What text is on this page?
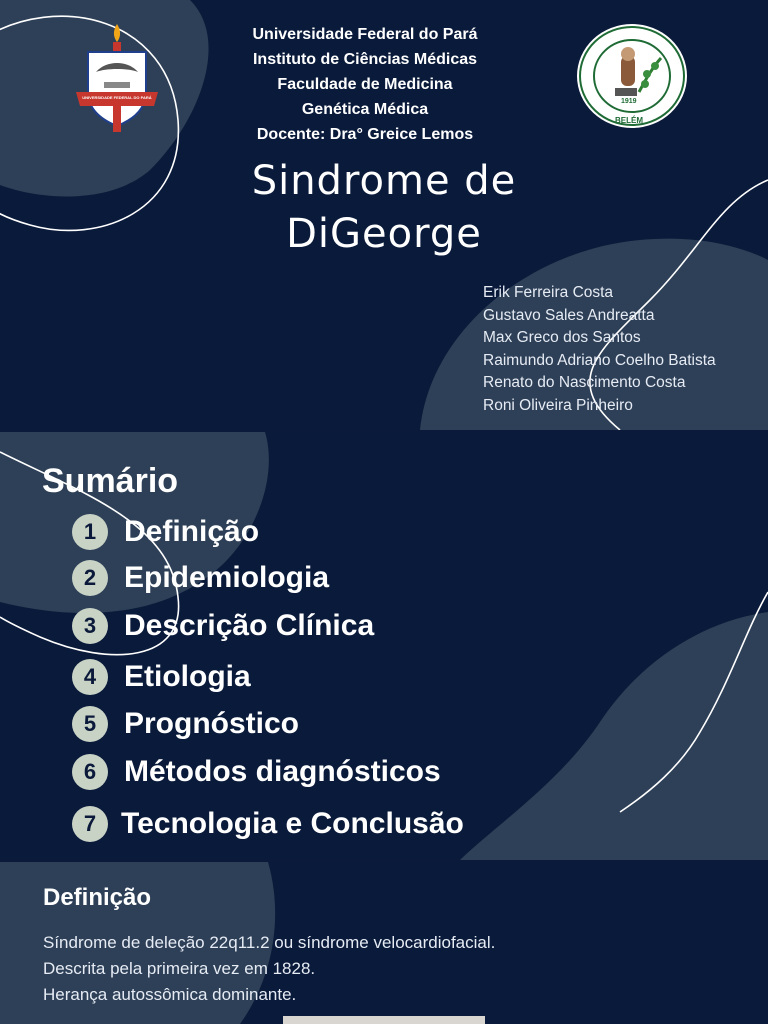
UNIVERSIDADE FEDERAL DO PARÁ
Universidade Federal do Pará
Instituto de Ciências Médicas
Faculdade de Medicina
Genética Médica
Docente: Dra° Greice Lemos
1919
BELÉM
Sindrome de
DiGeorge
Erik Ferreira Costa
Gustavo Sales Andreatta
Max Greco dos Santos
Raimundo Adriano Coelho Batista
Renato do Nascimento Costa
Roni Oliveira Pinheiro
Sumário
1 Definição
2 Epidemiologia
3 Descrição Clínica
4 Etiologia
5 Prognóstico
6 Métodos diagnósticos
7 Tecnologia e Conclusão
Definição
Síndrome de deleção 22q11.2 ou síndrome velocardiofacial.
Descrita pela primeira vez em 1828.
Herança autossômica dominante.
